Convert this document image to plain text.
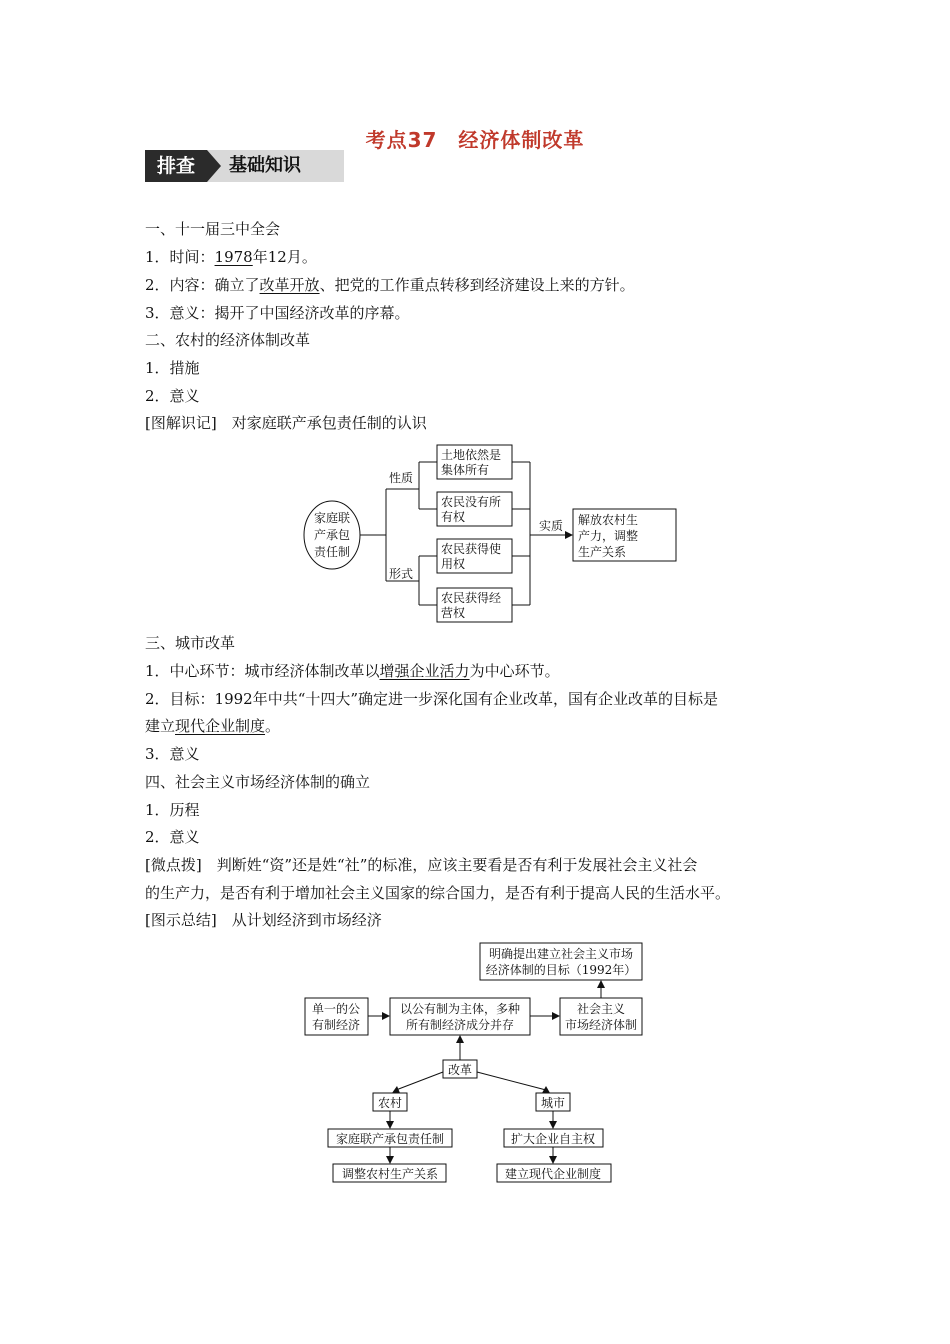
考点37　经济体制改革
排查	基础知识
一、十一届三中全会
1．时间：1978年12月。
2．内容：确立了改革开放、把党的工作重点转移到经济建设上来的方针。
3．意义：揭开了中国经济改革的序幕。
二、农村的经济体制改革
1．措施
2．意义
[图解识记]　对家庭联产承包责任制的认识
家庭联
产承包
责任制
性质
形式
土地依然是
集体所有
农民没有所
有权
农民获得使
用权
农民获得经
营权
实质 解放农村生
产力，调整
生产关系
三、城市改革
1．中心环节：城市经济体制改革以增强企业活力为中心环节。
2．目标：1992年中共“十四大”确定进一步深化国有企业改革，国有企业改革的目标是
建立现代企业制度。
3．意义
四、社会主义市场经济体制的确立
1．历程
2．意义
[微点拨]　判断姓“资”还是姓“社”的标准，应该主要看是否有利于发展社会主义社会
的生产力，是否有利于增加社会主义国家的综合国力，是否有利于提高人民的生活水平。
[图示总结]　从计划经济到市场经济
明确提出建立社会主义市场
经济体制的目标（1992年）
单一的公
有制经济
以公有制为主体，多种
所有制经济成分并存
社会主义
市场经济体制
改革
农村	城市
家庭联产承包责任制	扩大企业自主权
调整农村生产关系	建立现代企业制度
